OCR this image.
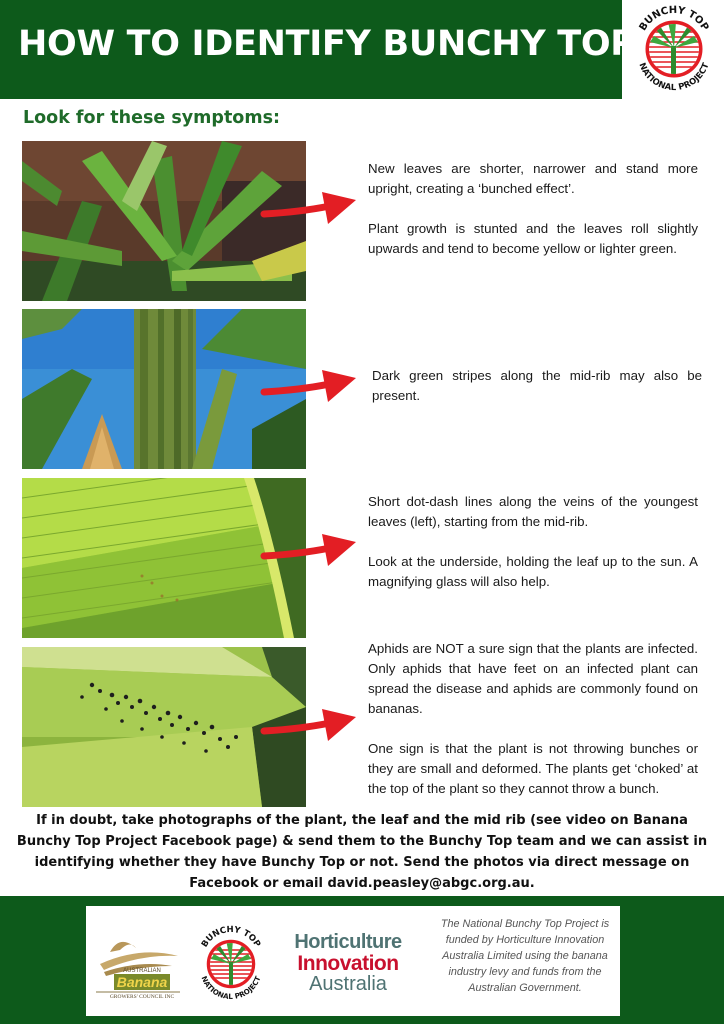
HOW TO IDENTIFY BUNCHY TOP BUNCHY TOP
NATIONAL PROJECT
Look for these symptoms:

New leaves are shorter, narrower and stand more upright, creating a ‘bunched effect’.

Plant growth is stunted and the leaves roll slightly upwards and tend to become yellow or lighter green.

Dark green stripes along the mid-rib may also be present.

Short dot-dash lines along the veins of the youngest leaves (left), starting from the mid-rib.

Look at the underside, holding the leaf up to the sun. A magnifying glass will also help.

Aphids are NOT a sure sign that the plants are infected. Only aphids that have feet on an infected plant can spread the disease and aphids are commonly found on bananas.

One sign is that the plant is not throwing bunches or they are small and deformed. The plants get ‘choked’ at the top of the plant so they cannot throw a bunch.

If in doubt, take photographs of the plant, the leaf and the mid rib (see video on Banana Bunchy Top Project Facebook page) & send them to the Bunchy Top team and we can assist in identifying whether they have Bunchy Top or not. Send the photos via direct message on Facebook or email david.peasley@abgc.org.au.

AUSTRALIAN
Banana
GROWERS' COUNCIL INC
BUNCHY TOP
NATIONAL PROJECT
Horticulture
Innovation
Australia

The National Bunchy Top Project is funded by Horticulture Innovation Australia Limited using the banana industry levy and funds from the Australian Government.
